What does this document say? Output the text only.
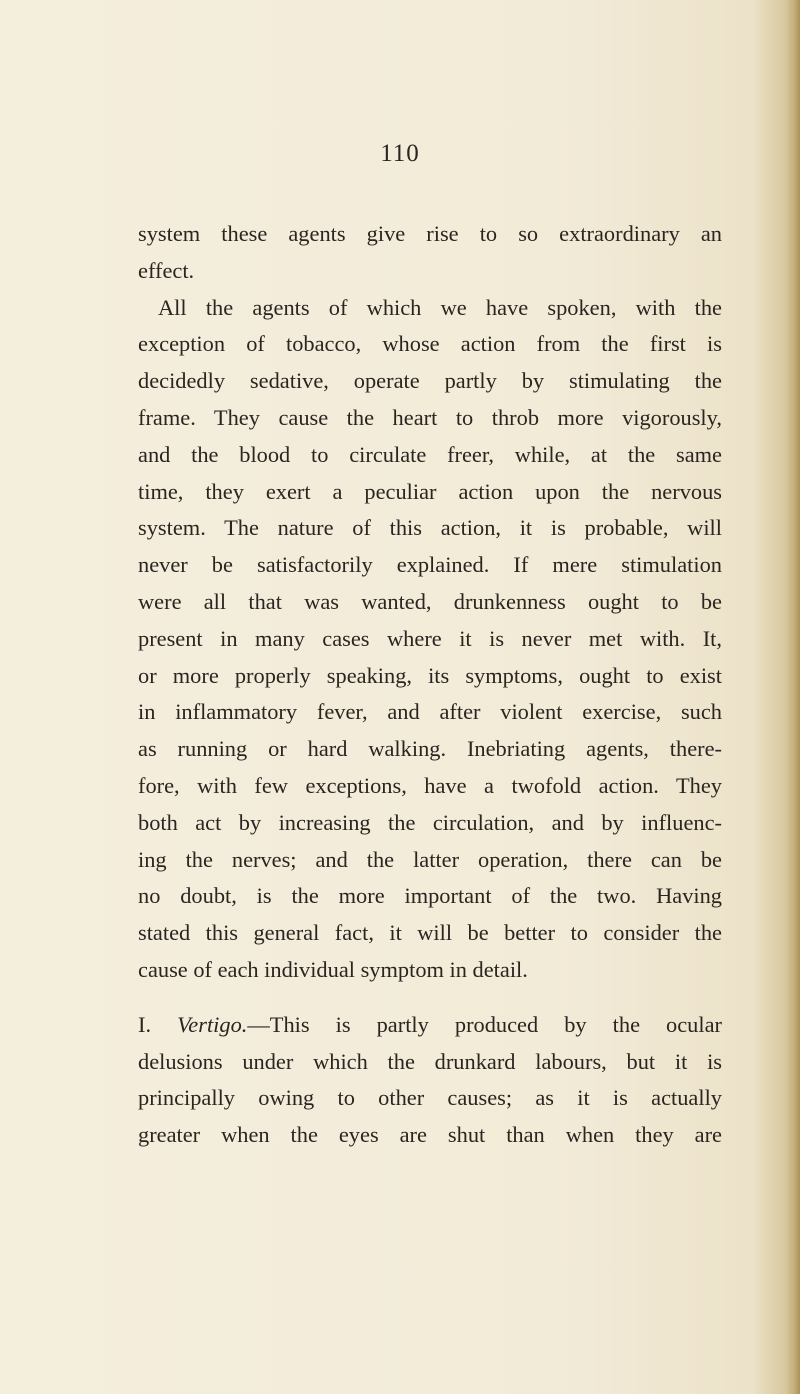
110
system these agents give rise to so extraordinary an
effect.
All the agents of which we have spoken, with the
exception of tobacco, whose action from the first is
decidedly sedative, operate partly by stimulating the
frame. They cause the heart to throb more vigorously,
and the blood to circulate freer, while, at the same
time, they exert a peculiar action upon the nervous
system. The nature of this action, it is probable, will
never be satisfactorily explained. If mere stimulation
were all that was wanted, drunkenness ought to be
present in many cases where it is never met with. It,
or more properly speaking, its symptoms, ought to exist
in inflammatory fever, and after violent exercise, such
as running or hard walking. Inebriating agents, there-
fore, with few exceptions, have a twofold action. They
both act by increasing the circulation, and by influenc-
ing the nerves; and the latter operation, there can be
no doubt, is the more important of the two. Having
stated this general fact, it will be better to consider the
cause of each individual symptom in detail.
I. Vertigo.—This is partly produced by the ocular
delusions under which the drunkard labours, but it is
principally owing to other causes; as it is actually
greater when the eyes are shut than when they are
